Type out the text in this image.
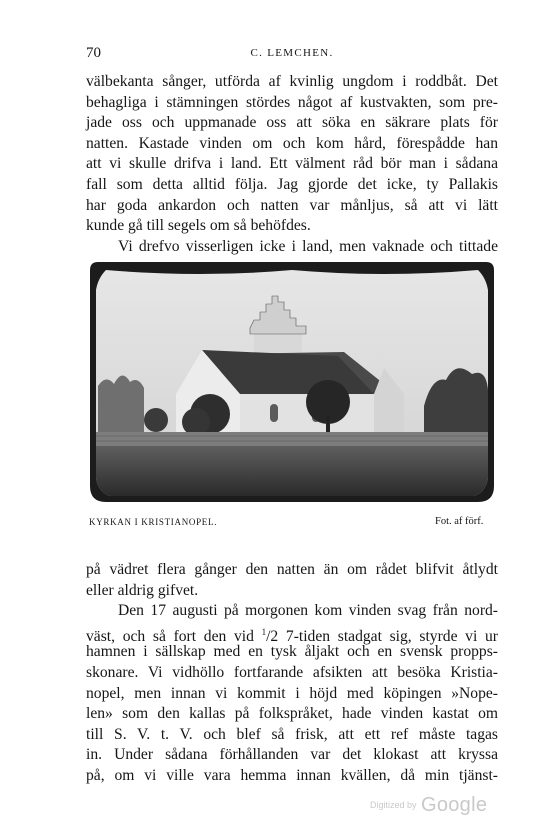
70	C. LEMCHEN.

välbekanta sånger, utförda af kvinlig ungdom i roddbåt. Det
behagliga i stämningen stördes något af kustvakten, som pre-
jade oss och uppmanade oss att söka en säkrare plats för
natten. Kastade vinden om och kom hård, förespådde han
att vi skulle drifva i land. Ett välment råd bör man i sådana
fall som detta alltid följa. Jag gjorde det icke, ty Pallakis
har goda ankardon och natten var månljus, så att vi lätt
kunde gå till segels om så behöfdes.
Vi drefvo visserligen icke i land, men vaknade och tittade

KYRKAN I KRISTIANOPEL.	Fot. af förf.

på vädret flera gånger den natten än om rådet blifvit åtlydt
eller aldrig gifvet.
Den 17 augusti på morgonen kom vinden svag från nord-
väst, och så fort den vid $^1$/2 7-tiden stadgat sig, styrde vi ur
hamnen i sällskap med en tysk åljakt och en svensk propps-
skonare. Vi vidhöllo fortfarande afsikten att besöka Kristia-
nopel, men innan vi kommit i höjd med köpingen »Nope-
len» som den kallas på folkspråket, hade vinden kastat om
till S. V. t. V. och blef så frisk, att ett ref måste tagas
in. Under sådana förhållanden var det klokast att kryssa
på, om vi ville vara hemma innan kvällen, då min tjänst-

Digitized by Google
